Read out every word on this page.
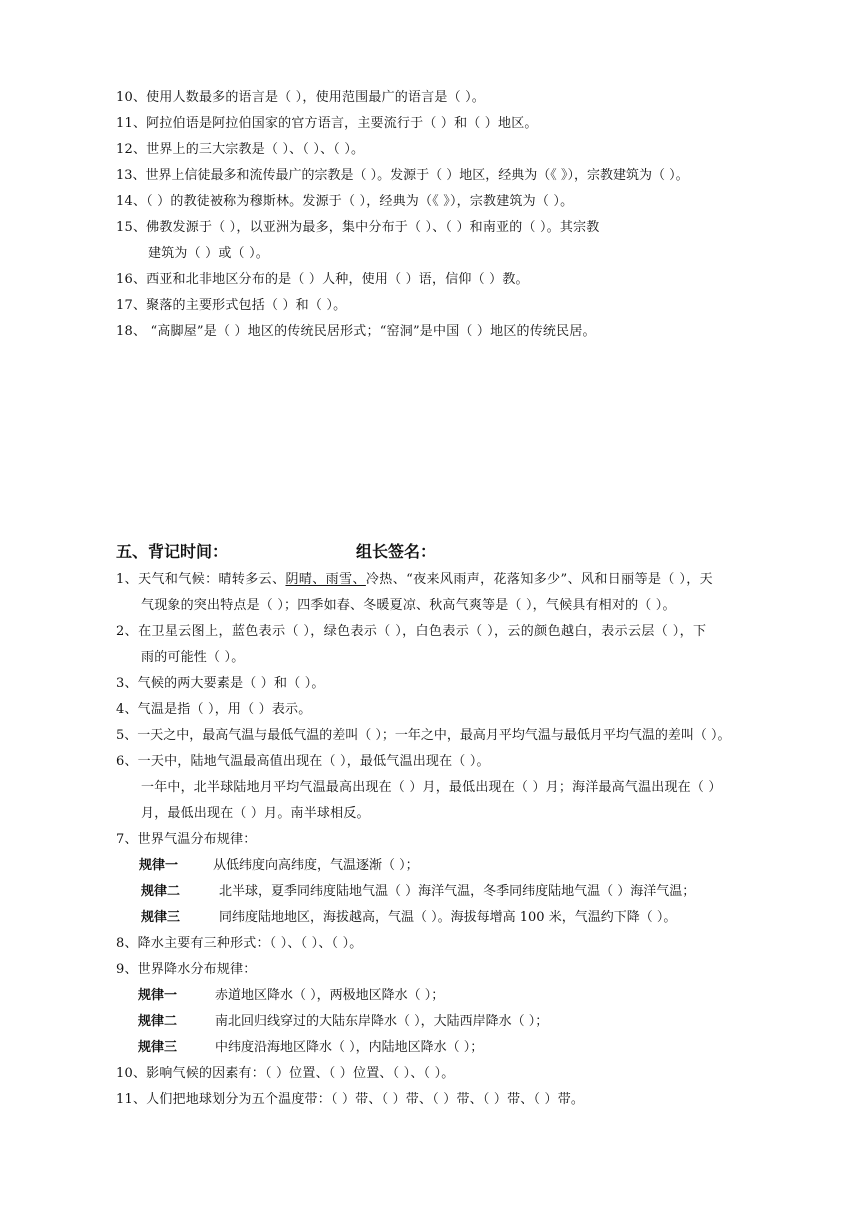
10、使用人数最多的语言是（ ），使用范围最广的语言是（ ）。
11、阿拉伯语是阿拉伯国家的官方语言，主要流行于（ ）和（ ）地区。
12、世界上的三大宗教是（ ）、（ ）、（ ）。
13、世界上信徒最多和流传最广的宗教是（ ）。发源于（ ）地区，经典为（《 》），宗教建筑为（ ）。
14、（ ）的教徒被称为穆斯林。发源于（ ），经典为（《 》），宗教建筑为（ ）。
15、佛教发源于（ ），以亚洲为最多，集中分布于（ ）、（ ）和南亚的（ ）。其宗教
建筑为（ ）或（ ）。
16、西亚和北非地区分布的是（ ）人种，使用（ ）语，信仰（ ）教。
17、聚落的主要形式包括（ ）和（ ）。
18、 “高脚屋”是（ ）地区的传统民居形式；“窑洞”是中国（ ）地区的传统民居。
五、背记时间：	组长签名：
1、天气和气候：晴转多云、阴晴、雨雪、冷热、“夜来风雨声，花落知多少”、风和日丽等是（ ），天
气现象的突出特点是（ ）；四季如春、冬暖夏凉、秋高气爽等是（ ），气候具有相对的（ ）。
2、在卫星云图上，蓝色表示（ ），绿色表示（ ），白色表示（ ），云的颜色越白，表示云层（ ），下
雨的可能性（ ）。
3、气候的两大要素是（ ）和（ ）。
4、气温是指（ ），用（ ）表示。
5、一天之中，最高气温与最低气温的差叫（ ）；一年之中，最高月平均气温与最低月平均气温的差叫（ ）。
6、一天中，陆地气温最高值出现在（ ），最低气温出现在（ ）。
一年中，北半球陆地月平均气温最高出现在（ ）月，最低出现在（ ）月；海洋最高气温出现在（ ）
月，最低出现在（ ）月。南半球相反。
7、世界气温分布规律：
规律一	从低纬度向高纬度，气温逐渐（ ）；
规律二	北半球，夏季同纬度陆地气温（ ）海洋气温，冬季同纬度陆地气温（ ）海洋气温；
规律三	同纬度陆地地区，海拔越高，气温（ ）。海拔每增高 100 米，气温约下降（ ）。
8、降水主要有三种形式：（ ）、（ ）、（ ）。
9、世界降水分布规律：
规律一	赤道地区降水（ ），两极地区降水（ ）；
规律二	南北回归线穿过的大陆东岸降水（ ），大陆西岸降水（ ）；
规律三	中纬度沿海地区降水（ ），内陆地区降水（ ）；
10、影响气候的因素有：（ ）位置、（ ）位置、（ ）、（ ）。
11、人们把地球划分为五个温度带：（ ）带、（ ）带、（ ）带、（ ）带、（ ）带。
